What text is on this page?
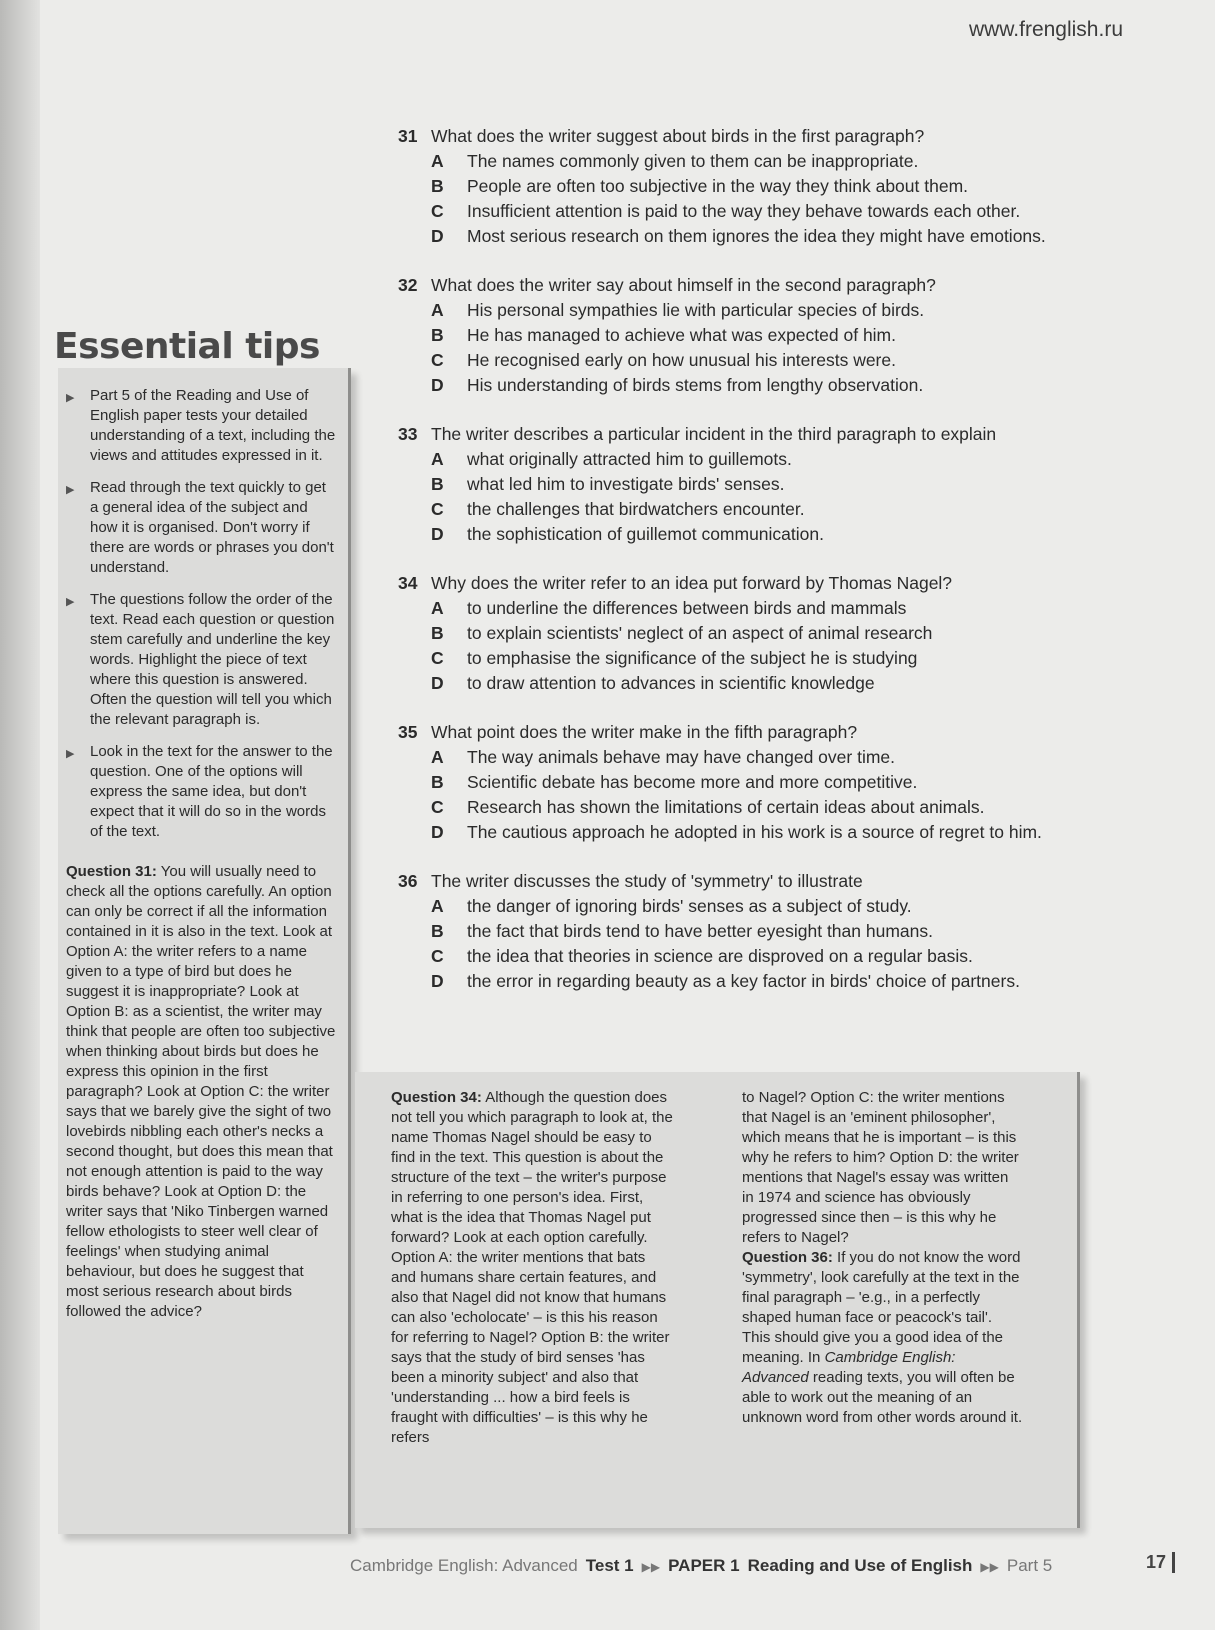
www.frenglish.ru
31 What does the writer suggest about birds in the first paragraph?
A	The names commonly given to them can be inappropriate.
B	People are often too subjective in the way they think about them.
C	Insufficient attention is paid to the way they behave towards each other.
D	Most serious research on them ignores the idea they might have emotions.
32 What does the writer say about himself in the second paragraph?
A	His personal sympathies lie with particular species of birds.
B	He has managed to achieve what was expected of him.
C	He recognised early on how unusual his interests were.
D	His understanding of birds stems from lengthy observation.
33 The writer describes a particular incident in the third paragraph to explain
A	what originally attracted him to guillemots.
B	what led him to investigate birds' senses.
C	the challenges that birdwatchers encounter.
D	the sophistication of guillemot communication.
34 Why does the writer refer to an idea put forward by Thomas Nagel?
A	to underline the differences between birds and mammals
B	to explain scientists' neglect of an aspect of animal research
C	to emphasise the significance of the subject he is studying
D	to draw attention to advances in scientific knowledge
35 What point does the writer make in the fifth paragraph?
A	The way animals behave may have changed over time.
B	Scientific debate has become more and more competitive.
C	Research has shown the limitations of certain ideas about animals.
D	The cautious approach he adopted in his work is a source of regret to him.
36 The writer discusses the study of 'symmetry' to illustrate
A	the danger of ignoring birds' senses as a subject of study.
B	the fact that birds tend to have better eyesight than humans.
C	the idea that theories in science are disproved on a regular basis.
D	the error in regarding beauty as a key factor in birds' choice of partners.
Essential tips
▶	Part 5 of the Reading and Use of English paper tests your detailed understanding of a text, including the views and attitudes expressed in it.
▶	Read through the text quickly to get a general idea of the subject and how it is organised. Don't worry if there are words or phrases you don't understand.
▶	The questions follow the order of the text. Read each question or question stem carefully and underline the key words. Highlight the piece of text where this question is answered. Often the question will tell you which the relevant paragraph is.
▶	Look in the text for the answer to the question. One of the options will express the same idea, but don't expect that it will do so in the words of the text.
Question 31: You will usually need to check all the options carefully. An option can only be correct if all the information contained in it is also in the text. Look at Option A: the writer refers to a name given to a type of bird but does he suggest it is inappropriate? Look at Option B: as a scientist, the writer may think that people are often too subjective when thinking about birds but does he express this opinion in the first paragraph? Look at Option C: the writer says that we barely give the sight of two lovebirds nibbling each other's necks a second thought, but does this mean that not enough attention is paid to the way birds behave? Look at Option D: the writer says that 'Niko Tinbergen warned fellow ethologists to steer well clear of feelings' when studying animal behaviour, but does he suggest that most serious research about birds followed the advice?

Question 34: Although the question does not tell you which paragraph to look at, the name Thomas Nagel should be easy to find in the text. This question is about the structure of the text – the writer's purpose in referring to one person's idea. First, what is the idea that Thomas Nagel put forward? Look at each option carefully. Option A: the writer mentions that bats and humans share certain features, and also that Nagel did not know that humans can also 'echolocate' – is this his reason for referring to Nagel? Option B: the writer says that the study of bird senses 'has been a minority subject' and also that 'understanding ... how a bird feels is fraught with difficulties' – is this why he refers

to Nagel? Option C: the writer mentions that Nagel is an 'eminent philosopher', which means that he is important – is this why he refers to him? Option D: the writer mentions that Nagel's essay was written in 1974 and science has obviously progressed since then – is this why he refers to Nagel?

Question 36: If you do not know the word 'symmetry', look carefully at the text in the final paragraph – 'e.g., in a perfectly shaped human face or peacock's tail'. This should give you a good idea of the meaning. In Cambridge English: Advanced reading texts, you will often be able to work out the meaning of an unknown word from other words around it.

Cambridge English: Advanced Test 1 ▶▶ PAPER 1 Reading and Use of English ▶▶ Part 5	17
